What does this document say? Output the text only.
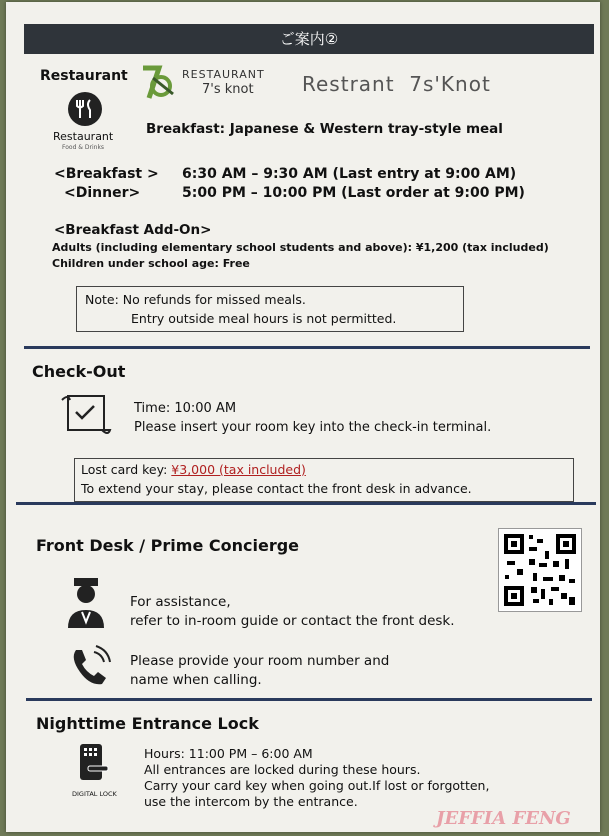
ご案内②
Restaurant	RESTAURANT
7's knot Restrant  7s'Knot
Restaurant
Food & Drinks
Breakfast: Japanese & Western tray-style meal
<Breakfast > 6:30 AM – 9:30 AM (Last entry at 9:00 AM)
<Dinner>	5:00 PM – 10:00 PM (Last order at 9:00 PM)
<Breakfast Add-On>
Adults (including elementary school students and above): ¥1,200 (tax included)
Children under school age: Free
Note: No refunds for missed meals.
Entry outside meal hours is not permitted.
Check-Out
Time: 10:00 AM
Please insert your room key into the check-in terminal.
Lost card key: ¥3,000 (tax included)
To extend your stay, please contact the front desk in advance.
Front Desk / Prime Concierge
For assistance,
refer to in-room guide or contact the front desk.
Please provide your room number and
name when calling.
Nighttime Entrance Lock
DIGITAL LOCK
Hours: 11:00 PM – 6:00 AM
All entrances are locked during these hours.
Carry your card key when going out.If lost or forgotten,
use the intercom by the entrance.
JEFFIA FENG
